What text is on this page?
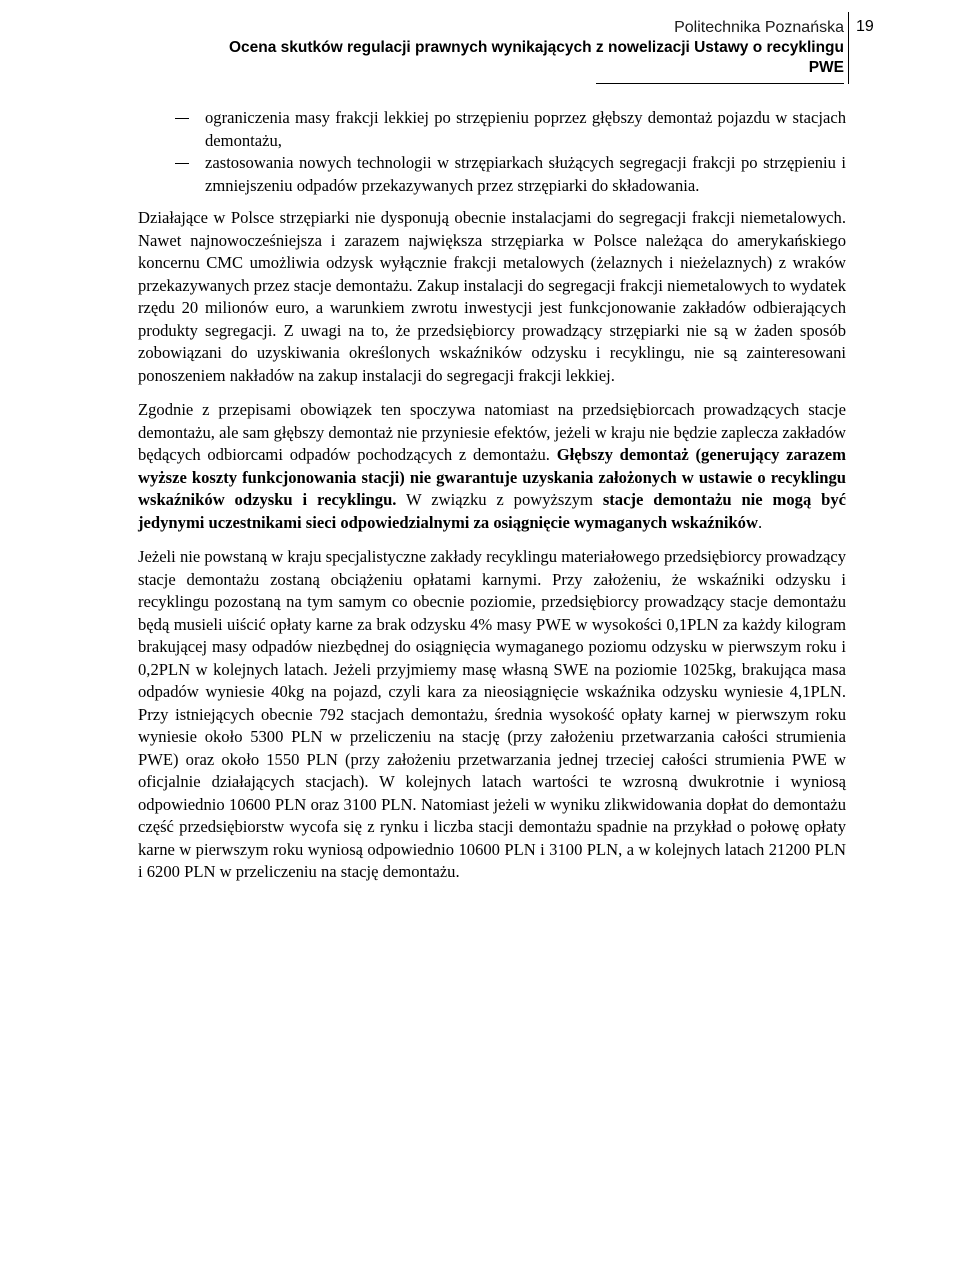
Politechnika Poznańska
Ocena skutków regulacji prawnych wynikających z nowelizacji Ustawy o recyklingu
PWE
19
ograniczenia masy frakcji lekkiej po strzępieniu poprzez głębszy demontaż pojazdu w stacjach demontażu,
zastosowania nowych technologii w strzępiarkach służących segregacji frakcji po strzępieniu i zmniejszeniu odpadów przekazywanych przez strzępiarki do składowania.

Działające w Polsce strzępiarki nie dysponują obecnie instalacjami do segregacji frakcji niemetalowych. Nawet najnowocześniejsza i zarazem największa strzępiarka w Polsce należąca do amerykańskiego koncernu CMC umożliwia odzysk wyłącznie frakcji metalowych (żelaznych i nieżelaznych) z wraków przekazywanych przez stacje demontażu. Zakup instalacji do segregacji frakcji niemetalowych to wydatek rzędu 20 milionów euro, a warunkiem zwrotu inwestycji jest funkcjonowanie zakładów odbierających produkty segregacji. Z uwagi na to, że przedsiębiorcy prowadzący strzępiarki nie są w żaden sposób zobowiązani do uzyskiwania określonych wskaźników odzysku i recyklingu, nie są zainteresowani ponoszeniem nakładów na zakup instalacji do segregacji frakcji lekkiej.

Zgodnie z przepisami obowiązek ten spoczywa natomiast na przedsiębiorcach prowadzących stacje demontażu, ale sam głębszy demontaż nie przyniesie efektów, jeżeli w kraju nie będzie zaplecza zakładów będących odbiorcami odpadów pochodzących z demontażu. Głębszy demontaż (generujący zarazem wyższe koszty funkcjonowania stacji) nie gwarantuje uzyskania założonych w ustawie o recyklingu wskaźników odzysku i recyklingu. W związku z powyższym stacje demontażu nie mogą być jedynymi uczestnikami sieci odpowiedzialnymi za osiągnięcie wymaganych wskaźników.

Jeżeli nie powstaną w kraju specjalistyczne zakłady recyklingu materiałowego przedsiębiorcy prowadzący stacje demontażu zostaną obciążeniu opłatami karnymi. Przy założeniu, że wskaźniki odzysku i recyklingu pozostaną na tym samym co obecnie poziomie, przedsiębiorcy prowadzący stacje demontażu będą musieli uiścić opłaty karne za brak odzysku 4% masy PWE w wysokości 0,1PLN za każdy kilogram brakującej masy odpadów niezbędnej do osiągnięcia wymaganego poziomu odzysku w pierwszym roku i 0,2PLN w kolejnych latach. Jeżeli przyjmiemy masę własną SWE na poziomie 1025kg, brakująca masa odpadów wyniesie 40kg na pojazd, czyli kara za nieosiągnięcie wskaźnika odzysku wyniesie 4,1PLN. Przy istniejących obecnie 792 stacjach demontażu, średnia wysokość opłaty karnej w pierwszym roku wyniesie około 5300 PLN w przeliczeniu na stację (przy założeniu przetwarzania całości strumienia PWE) oraz około 1550 PLN (przy założeniu przetwarzania jednej trzeciej całości strumienia PWE w oficjalnie działających stacjach). W kolejnych latach wartości te wzrosną dwukrotnie i wyniosą odpowiednio 10600 PLN oraz 3100 PLN. Natomiast jeżeli w wyniku zlikwidowania dopłat do demontażu część przedsiębiorstw wycofa się z rynku i liczba stacji demontażu spadnie na przykład o połowę opłaty karne w pierwszym roku wyniosą odpowiednio 10600 PLN i 3100 PLN, a w kolejnych latach 21200 PLN i 6200 PLN w przeliczeniu na stację demontażu.
